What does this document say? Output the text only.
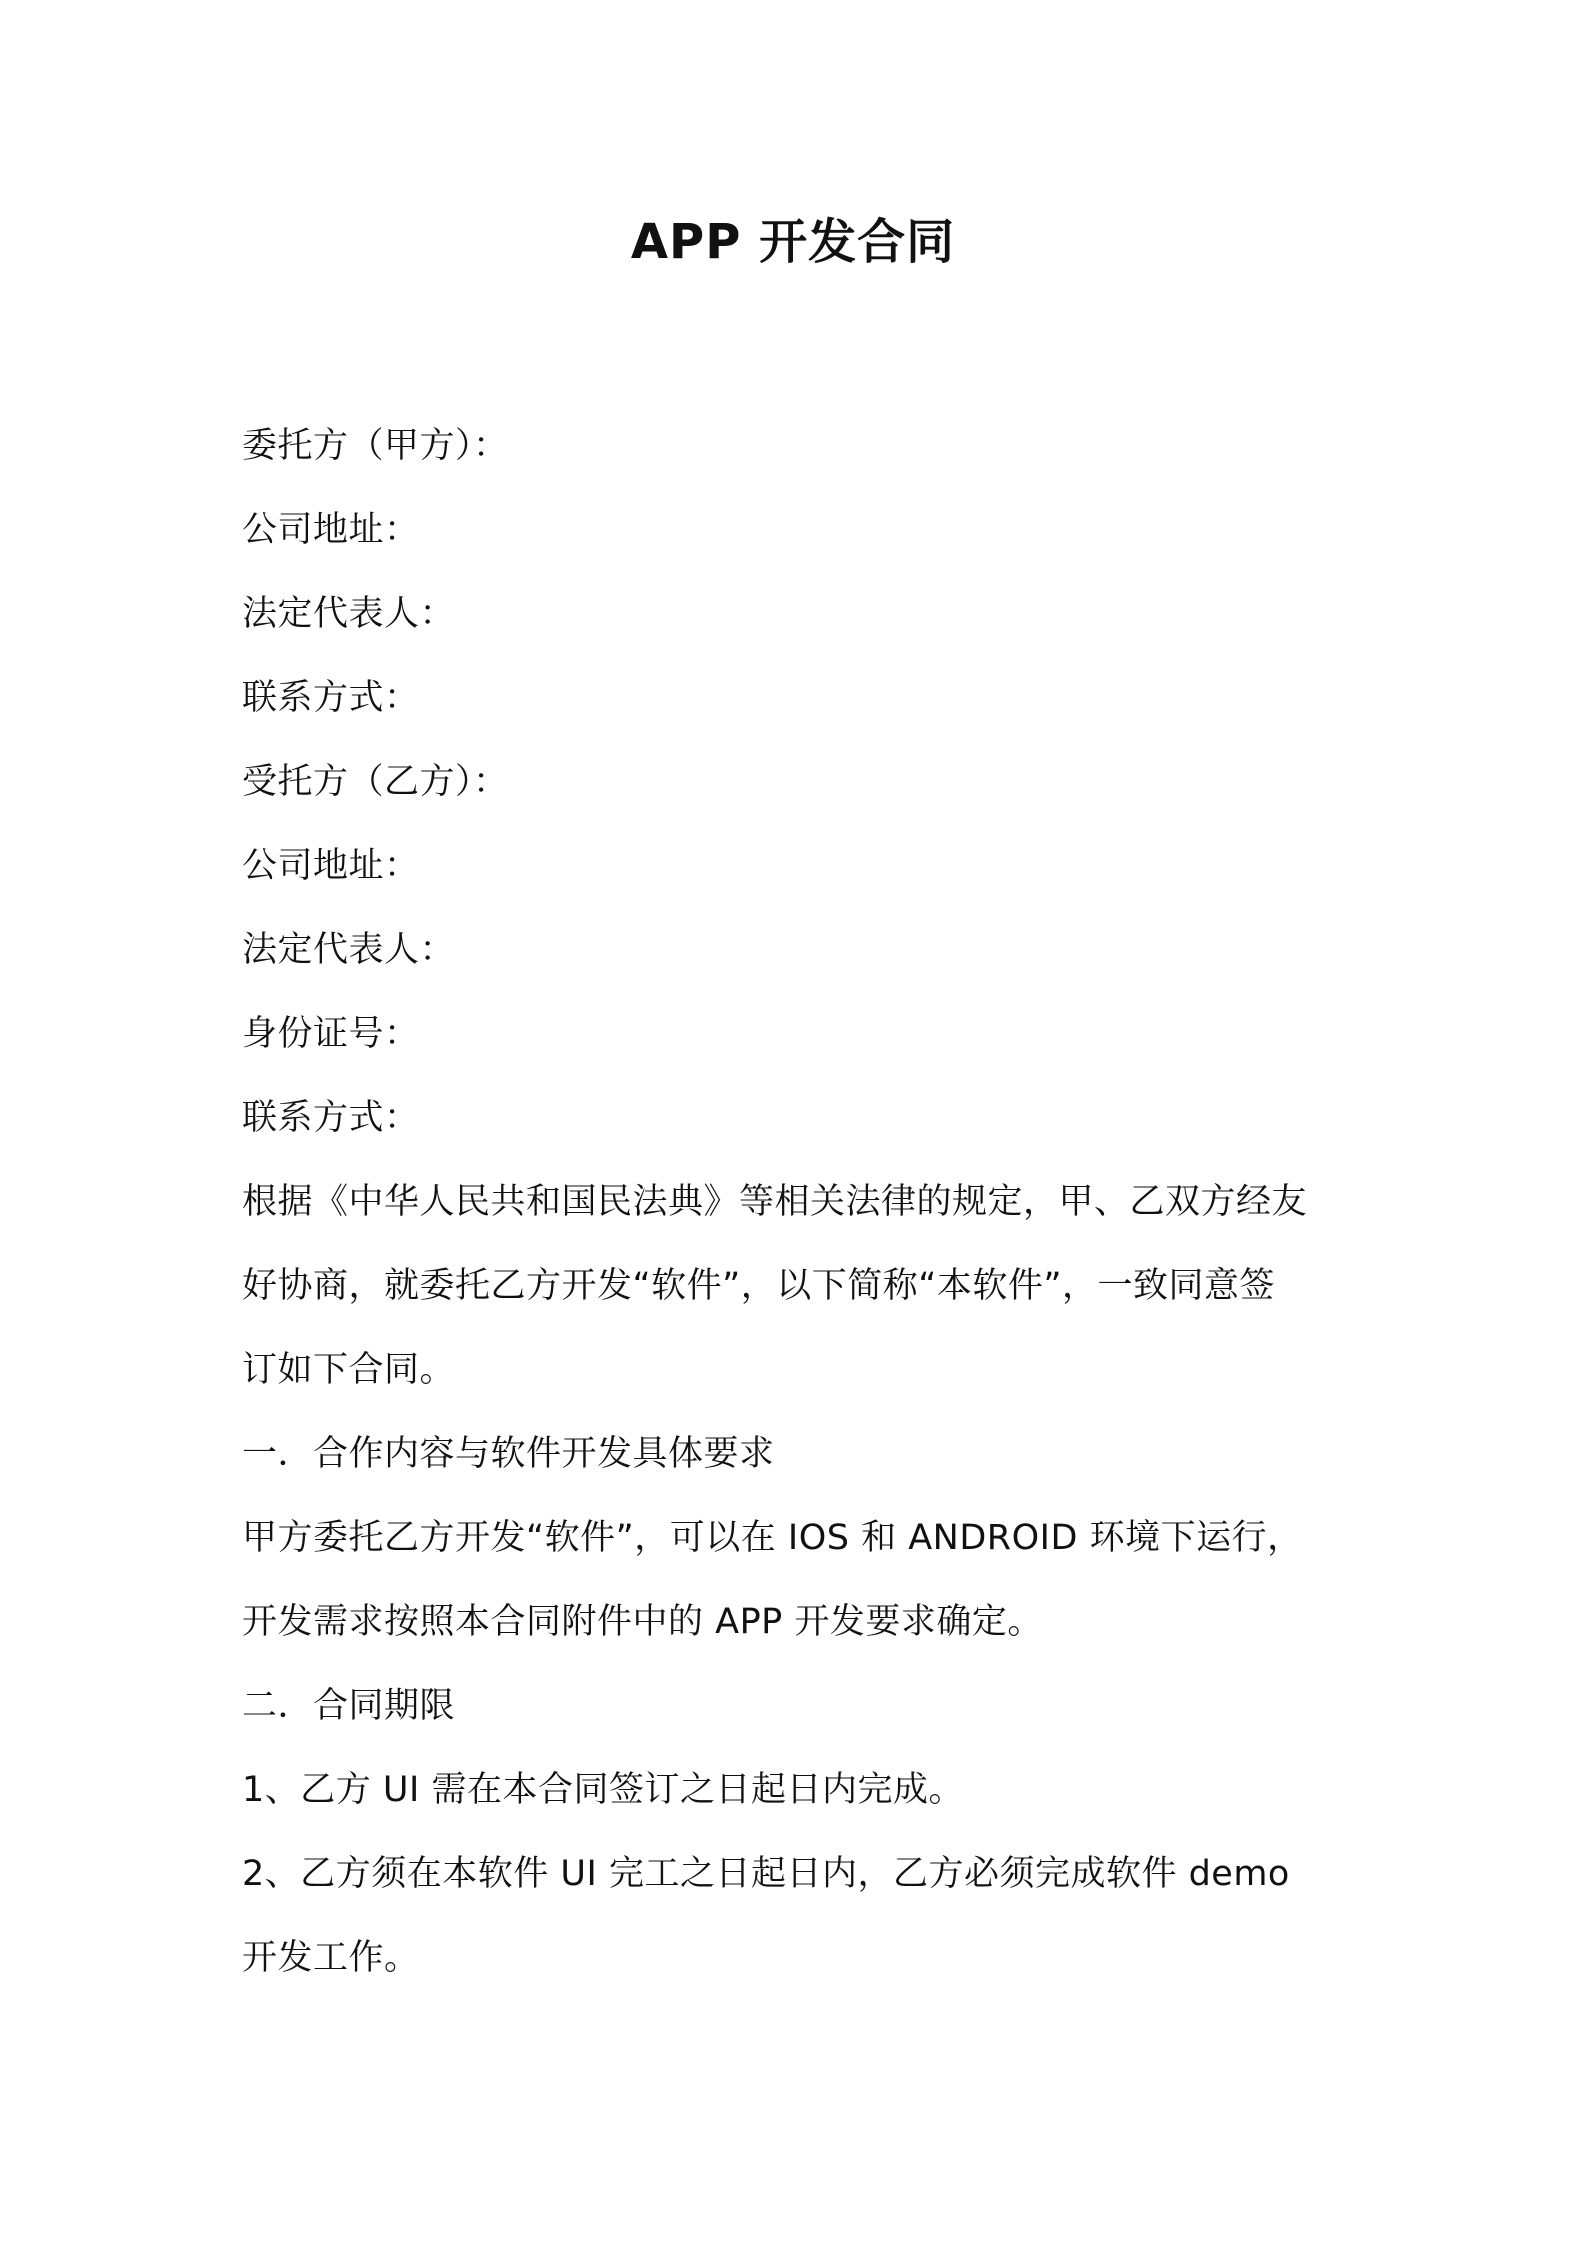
APP 开发合同
委托方（甲方）：
公司地址：
法定代表人：
联系方式：
受托方（乙方）：
公司地址：
法定代表人：
身份证号：
联系方式：
根据《中华人民共和国民法典》等相关法律的规定，甲、乙双方经友
好协商，就委托乙方开发“软件”，以下简称“本软件”，一致同意签
订如下合同。
一．合作内容与软件开发具体要求
甲方委托乙方开发“软件”，可以在 IOS 和 ANDROID 环境下运行，
开发需求按照本合同附件中的 APP 开发要求确定。
二．合同期限
1、乙方 UI 需在本合同签订之日起日内完成。
2、乙方须在本软件 UI 完工之日起日内，乙方必须完成软件 demo
开发工作。
